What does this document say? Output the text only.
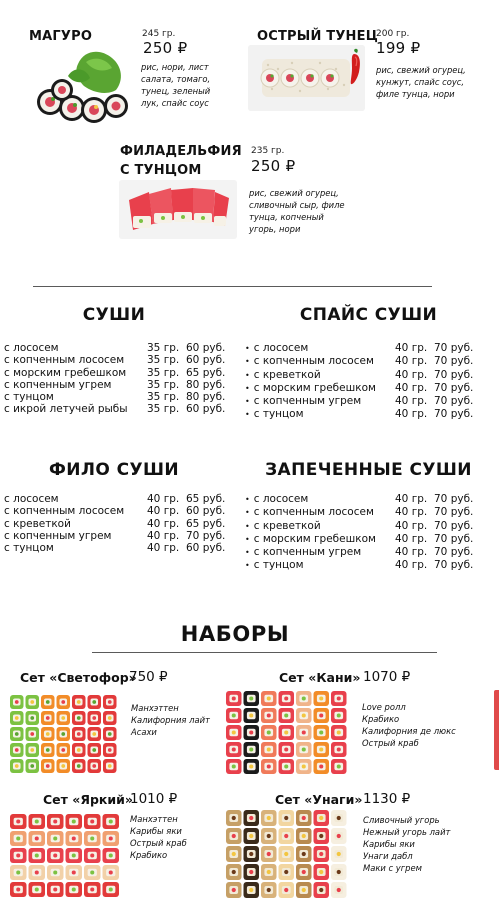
МАГУРО	245 гр.
250 ₽
рис, нори, лист
салата, томаго,
тунец, зеленый
лук, спайс соус
ОСТРЫЙ ТУНЕЦ
200 гр.
199 ₽
рис, свежий огурец,
кунжут, спайс соус,
филе тунца, нори
ФИЛАДЕЛЬФИЯ
С ТУНЦОМ
235 гр.
250 ₽
рис, свежий огурец,
сливочный сыр, филе
тунца, копченый
угорь, нори
СУШИ
с лососем	35 гр. 60 руб.
с копченным лососем	35 гр. 60 руб.
с морским гребешком	35 гр. 65 руб.
с копченным угрем	35 гр. 80 руб.
с тунцом	35 гр. 80 руб.
с икрой летучей рыбы	35 гр. 60 руб.
СПАЙС СУШИ
• с лососем	40 гр. 70 руб.
• с копченным лососем	40 гр. 70 руб.
• с креветкой	40 гр. 70 руб.
• с морским гребешком	40 гр. 70 руб.
• с копченным угрем	40 гр. 70 руб.
• с тунцом	40 гр. 70 руб.
ФИЛО СУШИ
с лососем	40 гр. 65 руб.
с копченным лососем	40 гр. 60 руб.
с креветкой	40 гр. 65 руб.
с копченным угрем	40 гр. 70 руб.
с тунцом	40 гр. 60 руб.
ЗАПЕЧЕННЫЕ СУШИ
• с лососем	40 гр. 70 руб.
• с копченным лососем	40 гр. 70 руб.
• с креветкой	40 гр. 70 руб.
• с морским гребешком	40 гр. 70 руб.
• с копченным угрем	40 гр. 70 руб.
• с тунцом	40 гр. 70 руб.
НАБОРЫ
Сет «Светофор»
750 ₽
Манхэттен
Калифорния лайт
Асахи
Сет «Кани» 1070 ₽
Love ролл
Крабико
Калифорния де люкс
Острый краб
Сет «Яркий»
1010 ₽
Манхэттен
Карибы яки
Острый краб
Крабико
Сет «Унаги» 1130 ₽
Сливочный угорь
Нежный угорь лайт
Карибы яки
Унаги дабл
Маки с угрем
